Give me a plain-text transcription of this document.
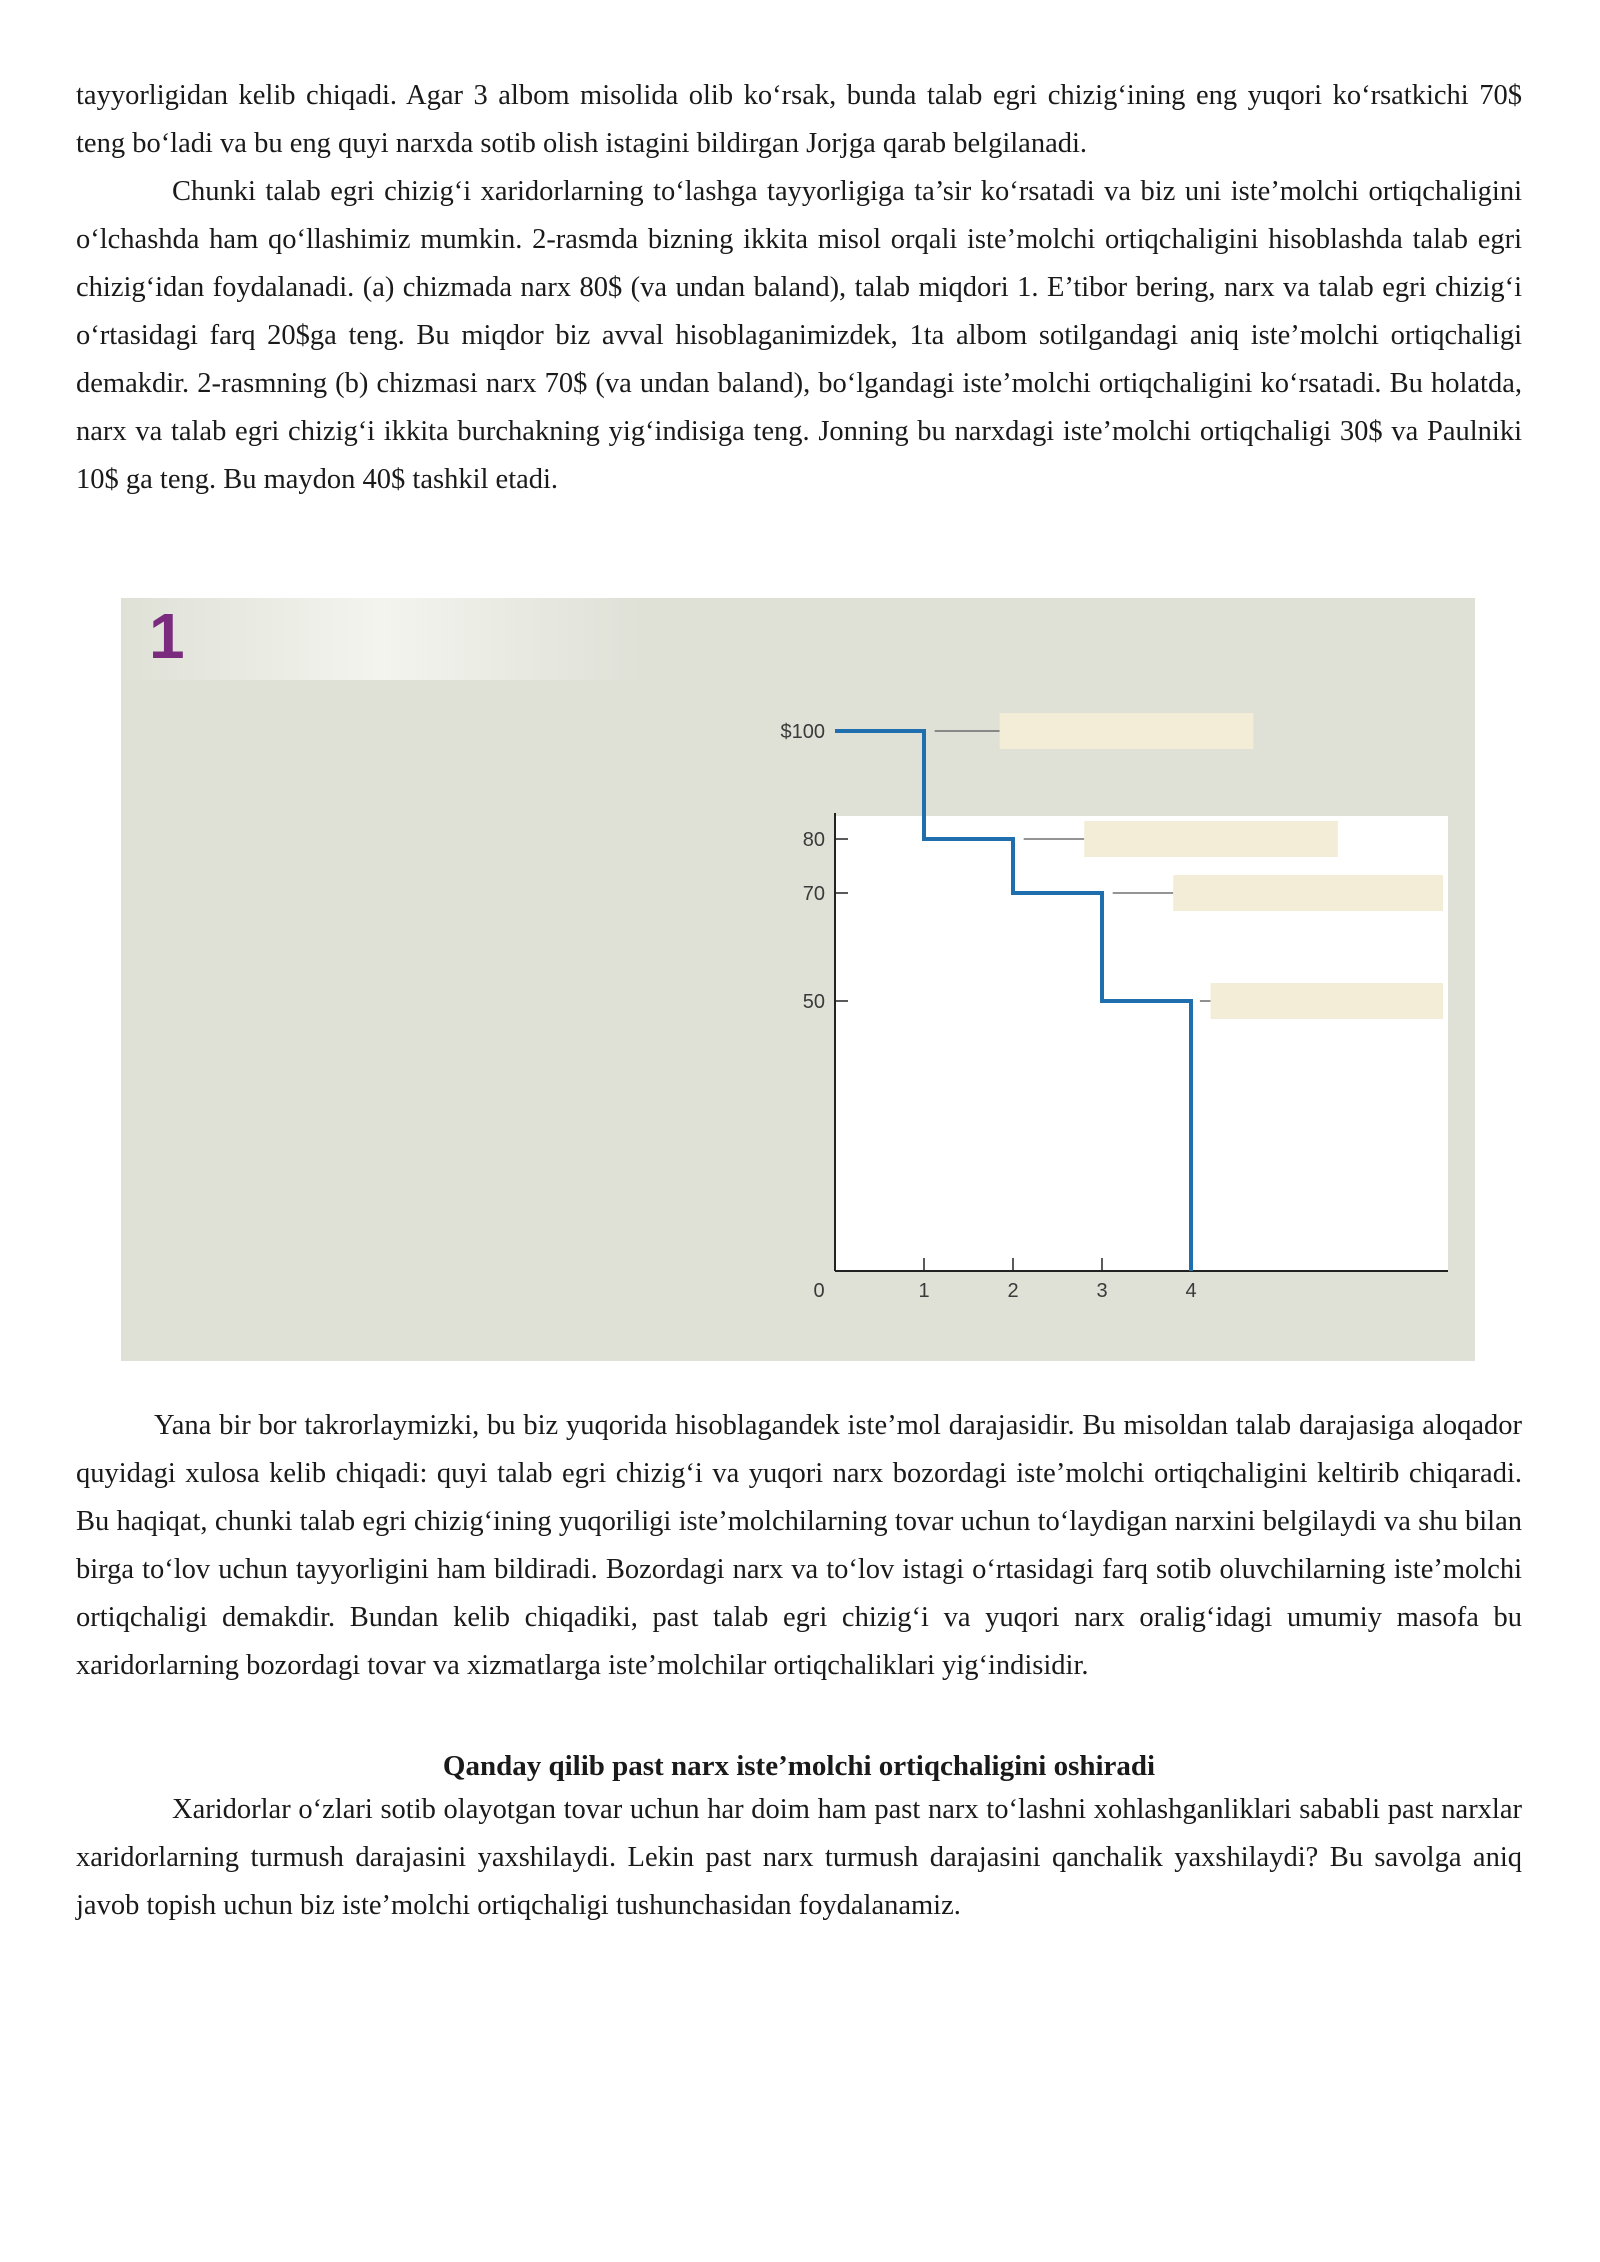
tayyorligidan kelib chiqadi. Agar 3 albom misolida olib ko‘rsak, bunda talab egri chizig‘ining eng yuqori ko‘rsatkichi 70$ teng bo‘ladi va bu eng quyi narxda sotib olish istagini bildirgan Jorjga qarab belgilanadi.

Chunki talab egri chizig‘i xaridorlarning to‘lashga tayyorligiga ta’sir ko‘rsatadi va biz uni iste’molchi ortiqchaligini o‘lchashda ham qo‘llashimiz mumkin. 2-rasmda bizning ikkita misol orqali iste’molchi ortiqchaligini hisoblashda talab egri chizig‘idan foydalanadi. (a) chizmada narx 80$ (va undan baland), talab miqdori 1. E’tibor bering, narx va talab egri chizig‘i o‘rtasidagi farq 20$ga teng. Bu miqdor biz avval hisoblaganimizdek, 1ta albom sotilgandagi aniq iste’molchi ortiqchaligi demakdir. 2-rasmning (b) chizmasi narx 70$ (va undan baland), bo‘lgandagi iste’molchi ortiqchaligini ko‘rsatadi. Bu holatda, narx va talab egri chizig‘i ikkita burchakning yig‘indisiga teng. Jonning bu narxdagi iste’molchi ortiqchaligi 30$ va Paulniki 10$ ga teng. Bu maydon 40$ tashkil etadi.

1
0	1	2	3	4
$100
80
70
50

Yana bir bor takrorlaymizki, bu biz yuqorida hisoblagandek iste’mol darajasidir. Bu misoldan talab darajasiga aloqador quyidagi xulosa kelib chiqadi: quyi talab egri chizig‘i va yuqori narx bozordagi iste’molchi ortiqchaligini keltirib chiqaradi. Bu haqiqat, chunki talab egri chizig‘ining yuqoriligi iste’molchilarning tovar uchun to‘laydigan narxini belgilaydi va shu bilan birga to‘lov uchun tayyorligini ham bildiradi. Bozordagi narx va to‘lov istagi o‘rtasidagi farq sotib oluvchilarning iste’molchi ortiqchaligi demakdir. Bundan kelib chiqadiki, past talab egri chizig‘i va yuqori narx oralig‘idagi umumiy masofa bu xaridorlarning bozordagi tovar va xizmatlarga iste’molchilar ortiqchaliklari yig‘indisidir.

Qanday qilib past narx iste’molchi ortiqchaligini oshiradi

Xaridorlar o‘zlari sotib olayotgan tovar uchun har doim ham past narx to‘lashni xohlashganliklari sababli past narxlar xaridorlarning turmush darajasini yaxshilaydi. Lekin past narx turmush darajasini qanchalik yaxshilaydi? Bu savolga aniq javob topish uchun biz iste’molchi ortiqchaligi tushunchasidan foydalanamiz.
